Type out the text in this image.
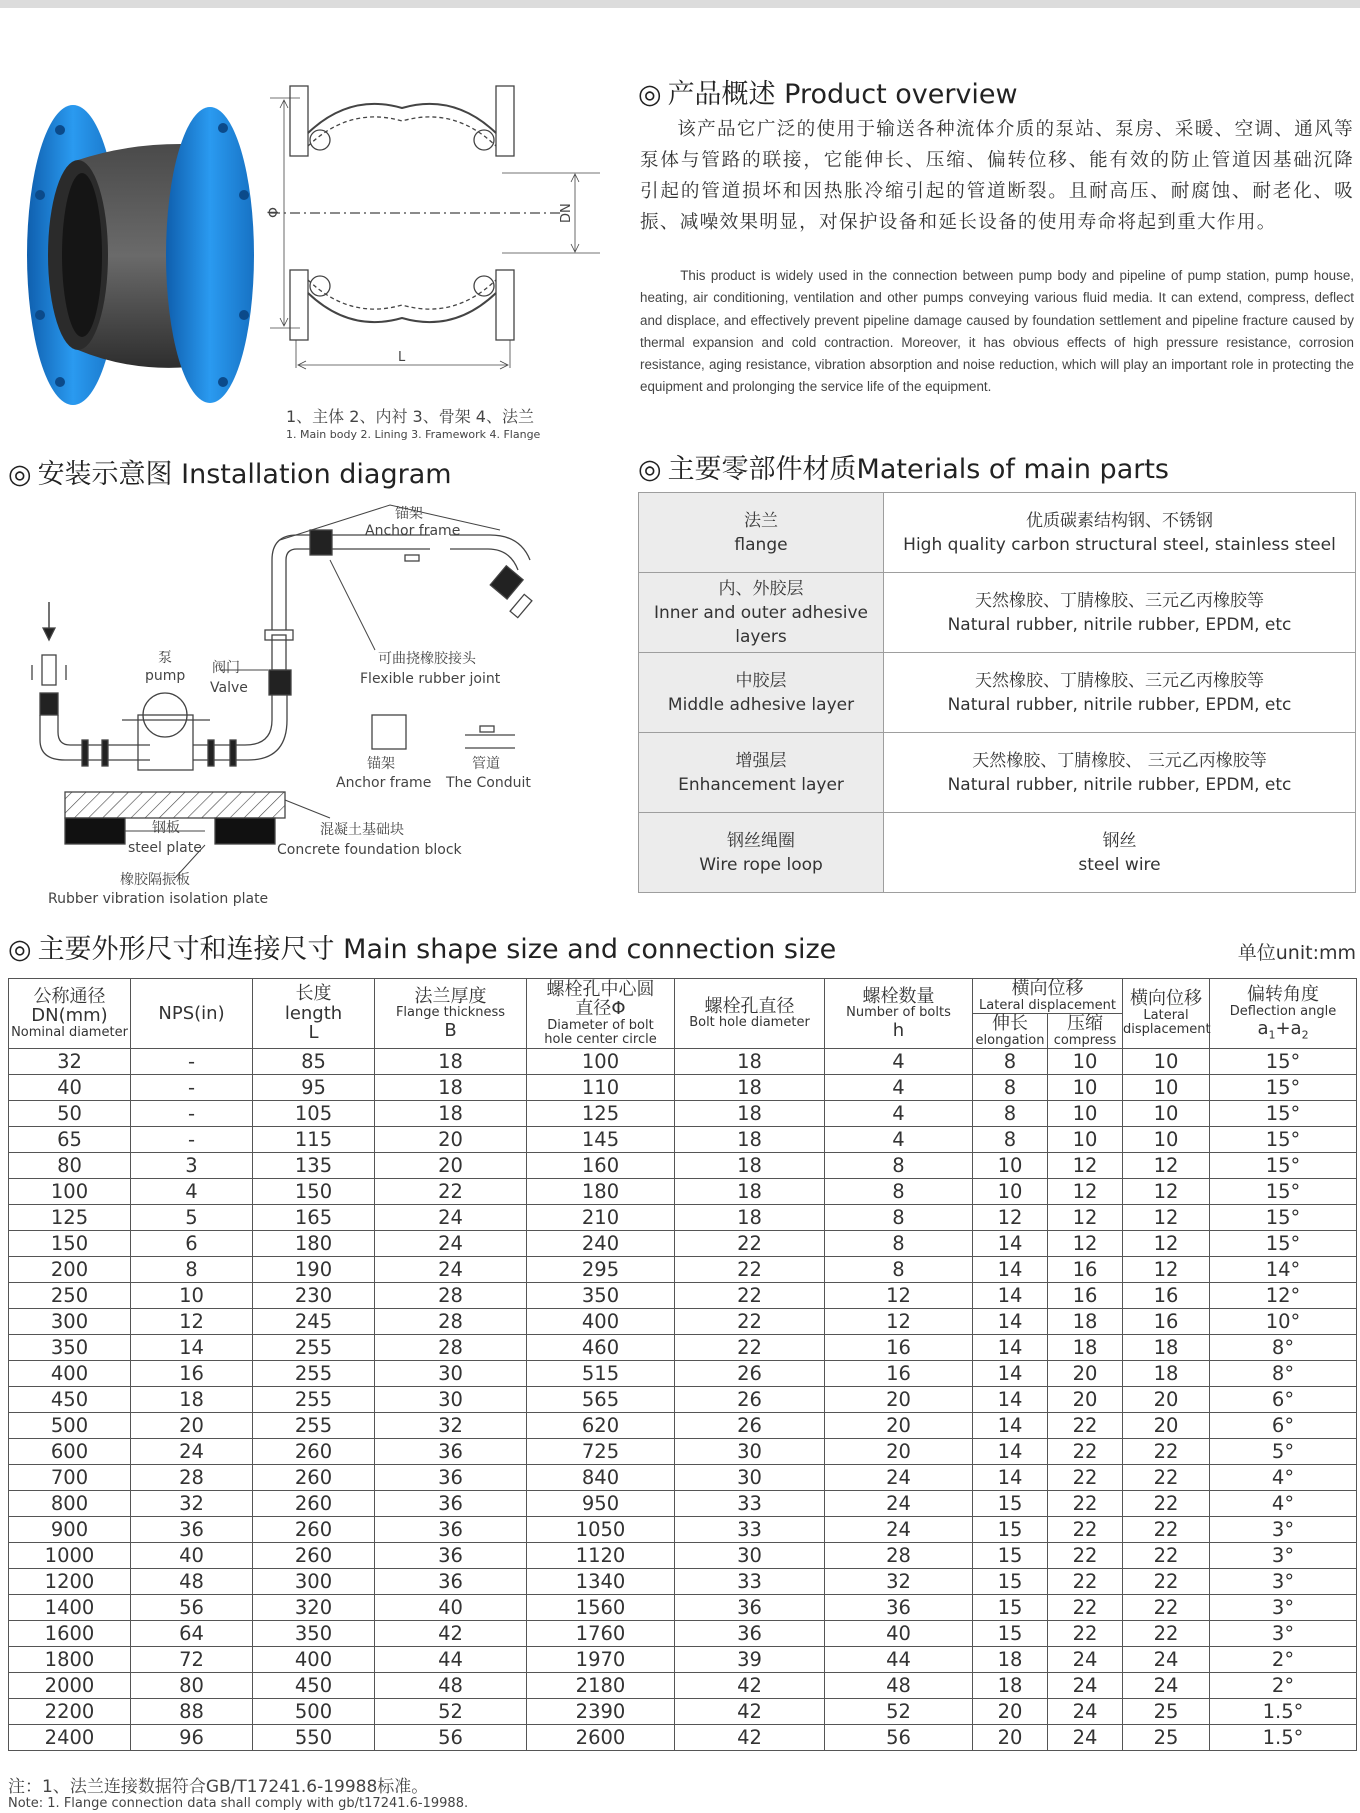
Φ	DN
L
1、主体 2、内衬 3、骨架 4、法兰
1. Main body 2. Lining 3. Framework 4. Flange
◎ 产品概述 Product overview
◎ 安装示意图 Installation diagram	◎ 主要零部件材质Materials of main parts
◎ 主要外形尺寸和连接尺寸 Main shape size and connection size
该产品它广泛的使用于输送各种流体介质的泵站、泵房、采暖、空调、通风等泵体与管路的联接，它能伸长、压缩、偏转位移、能有效的防止管道因基础沉降引起的管道损坏和因热胀冷缩引起的管道断裂。且耐高压、耐腐蚀、耐老化、吸振、减噪效果明显，对保护设备和延长设备的使用寿命将起到重大作用。
This product is widely used in the connection between pump body and pipeline of pump station, pump house, heating, air conditioning, ventilation and other pumps conveying various fluid media. It can extend, compress, deflect and displace, and effectively prevent pipeline damage caused by foundation settlement and pipeline fracture caused by thermal expansion and cold contraction. Moreover, it has obvious effects of high pressure resistance, corrosion resistance, aging resistance, vibration absorption and noise reduction, which will play an important role in protecting the equipment and prolonging the service life of the equipment.
锚架
Anchor frame
泵
pump 阀门
Valve
可曲挠橡胶接头
Flexible rubber joint
锚架
Anchor frame
管道
The Conduit
钢板
steel plate
混凝土基础块
Concrete foundation block
橡胶隔振板
Rubber vibration isolation plate
法兰
flange	优质碳素结构钢、不锈钢
High quality carbon structural steel, stainless steel

内、外胶层
Inner and outer adhesive layers	天然橡胶、丁腈橡胶、三元乙丙橡胶等
Natural rubber, nitrile rubber, EPDM, etc

中胶层
Middle adhesive layer	天然橡胶、丁腈橡胶、三元乙丙橡胶等
Natural rubber, nitrile rubber, EPDM, etc

增强层
Enhancement layer	天然橡胶、丁腈橡胶、 三元乙丙橡胶等
Natural rubber, nitrile rubber, EPDM, etc

钢丝绳圈
Wire rope loop	钢丝
steel wire
单位unit:mm
公称通径
DN(mm)
Nominal diameter	NPS(in)	长度
length
L	法兰厚度
Flange thickness
B	螺栓孔中心圆
直径Φ
Diameter of bolt
hole center circle	螺栓孔直径
Bolt hole diameter	螺栓数量
Number of bolts
h	横向位移
Lateral displacement		横向位移
Lateral
displacement	偏转角度
Deflection angle
$a_1+a_2$

							伸长
elongation	压缩
compress		

32	-	85	18	100	18	4	8	10	10	15°
40	-	95	18	110	18	4	8	10	10	15°
50	-	105	18	125	18	4	8	10	10	15°
65	-	115	20	145	18	4	8	10	10	15°
80	3	135	20	160	18	8	10	12	12	15°
100	4	150	22	180	18	8	10	12	12	15°
125	5	165	24	210	18	8	12	12	12	15°
150	6	180	24	240	22	8	14	12	12	15°
200	8	190	24	295	22	8	14	16	12	14°
250	10	230	28	350	22	12	14	16	16	12°
300	12	245	28	400	22	12	14	18	16	10°
350	14	255	28	460	22	16	14	18	18	8°
400	16	255	30	515	26	16	14	20	18	8°
450	18	255	30	565	26	20	14	20	20	6°
500	20	255	32	620	26	20	14	22	20	6°
600	24	260	36	725	30	20	14	22	22	5°
700	28	260	36	840	30	24	14	22	22	4°
800	32	260	36	950	33	24	15	22	22	4°
900	36	260	36	1050	33	24	15	22	22	3°
1000	40	260	36	1120	30	28	15	22	22	3°
1200	48	300	36	1340	33	32	15	22	22	3°
1400	56	320	40	1560	36	36	15	22	22	3°
1600	64	350	42	1760	36	40	15	22	22	3°
1800	72	400	44	1970	39	44	18	24	24	2°
2000	80	450	48	2180	42	48	18	24	24	2°
2200	88	500	52	2390	42	52	20	24	25	1.5°
2400	96	550	56	2600	42	56	20	24	25	1.5°
注：1、法兰连接数据符合GB/T17241.6-19988标准。
Note: 1. Flange connection data shall comply with gb/t17241.6-19988.
